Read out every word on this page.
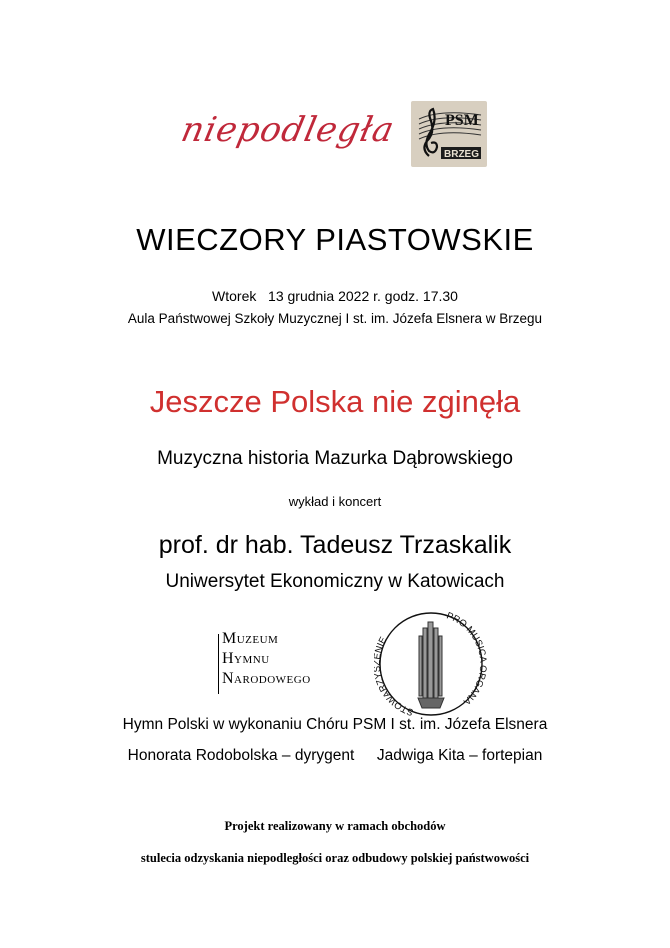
niepodległa	PSM
BRZEG
WIECZORY PIASTOWSKIE
Wtorek   13 grudnia 2022 r. godz. 17.30
Aula Państwowej Szkoły Muzycznej I st. im. Józefa Elsnera w Brzegu
Jeszcze Polska nie zginęła
Muzyczna historia Mazurka Dąbrowskiego
wykład i koncert
prof. dr hab. Tadeusz Trzaskalik
Uniwersytet Ekonomiczny w Katowicach
Muzeum
Hymnu
Narodowego
STOWARZ NIE
PRO MUSICA ORGANA
Hymn Polski w wykonaniu Chóru PSM I st. im. Józefa Elsnera
Honorata Rodobolska – dyrygent Jadwiga Kita – fortepian
Projekt realizowany w ramach obchodów
stulecia odzyskania niepodległości oraz odbudowy polskiej państwowości
